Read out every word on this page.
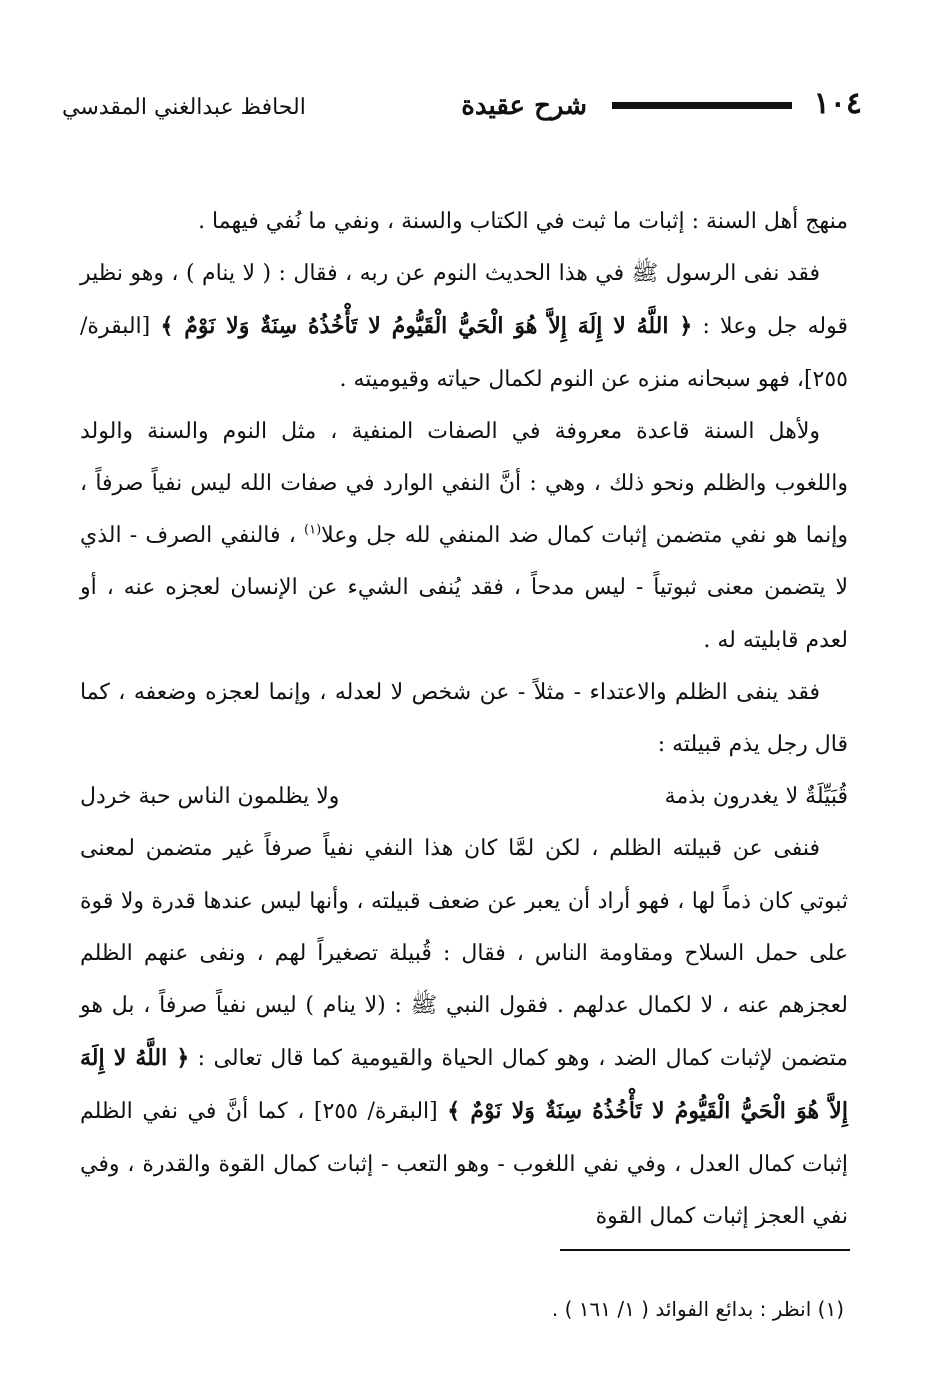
١٠٤
شرح عقيدة
الحافظ عبدالغني المقدسي

منهج أهل السنة : إثبات ما ثبت في الكتاب والسنة ، ونفي ما نُفي فيهما .

فقد نفى الرسول ﷺ في هذا الحديث النوم عن ربه ، فقال : ( لا ينام ) ، وهو نظير قوله جل وعلا : ﴿ اللَّهُ لا إِلَهَ إِلاَّ هُوَ الْحَيُّ الْقَيُّومُ لا تَأْخُذُهُ سِنَةٌ وَلا نَوْمٌ ﴾ [البقرة/ ٢٥٥]، فهو سبحانه منزه عن النوم لكمال حياته وقيوميته .

ولأهل السنة قاعدة معروفة في الصفات المنفية ، مثل النوم والسنة والولد واللغوب والظلم ونحو ذلك ، وهي : أنَّ النفي الوارد في صفات الله ليس نفياً صرفاً ، وإنما هو نفي متضمن إثبات كمال ضد المنفي لله جل وعلا$^{(١)}$ ، فالنفي الصرف - الذي لا يتضمن معنى ثبوتياً - ليس مدحاً ، فقد يُنفى الشيء عن الإنسان لعجزه عنه ، أو لعدم قابليته له .

فقد ينفى الظلم والاعتداء - مثلاً - عن شخص لا لعدله ، وإنما لعجزه وضعفه ، كما قال رجل يذم قبيلته :

قُبَيِّلَةٌ لا يغدرون بذمة
ولا يظلمون الناس حبة خردل

فنفى عن قبيلته الظلم ، لكن لمَّا كان هذا النفي نفياً صرفاً غير متضمن لمعنى ثبوتي كان ذماً لها ، فهو أراد أن يعبر عن ضعف قبيلته ، وأنها ليس عندها قدرة ولا قوة على حمل السلاح ومقاومة الناس ، فقال : قُبيلة تصغيراً لهم ، ونفى عنهم الظلم لعجزهم عنه ، لا لكمال عدلهم . فقول النبي ﷺ : (لا ينام ) ليس نفياً صرفاً ، بل هو متضمن لإثبات كمال الضد ، وهو كمال الحياة والقيومية كما قال تعالى : ﴿ اللَّهُ لا إِلَهَ إِلاَّ هُوَ الْحَيُّ الْقَيُّومُ لا تَأْخُذُهُ سِنَةٌ وَلا نَوْمٌ ﴾ [البقرة/ ٢٥٥] ، كما أنَّ في نفي الظلم إثبات كمال العدل ، وفي نفي اللغوب - وهو التعب - إثبات كمال القوة والقدرة ، وفي نفي العجز إثبات كمال القوة

(١) انظر : بدائع الفوائد ( ١/ ١٦١ ) .
